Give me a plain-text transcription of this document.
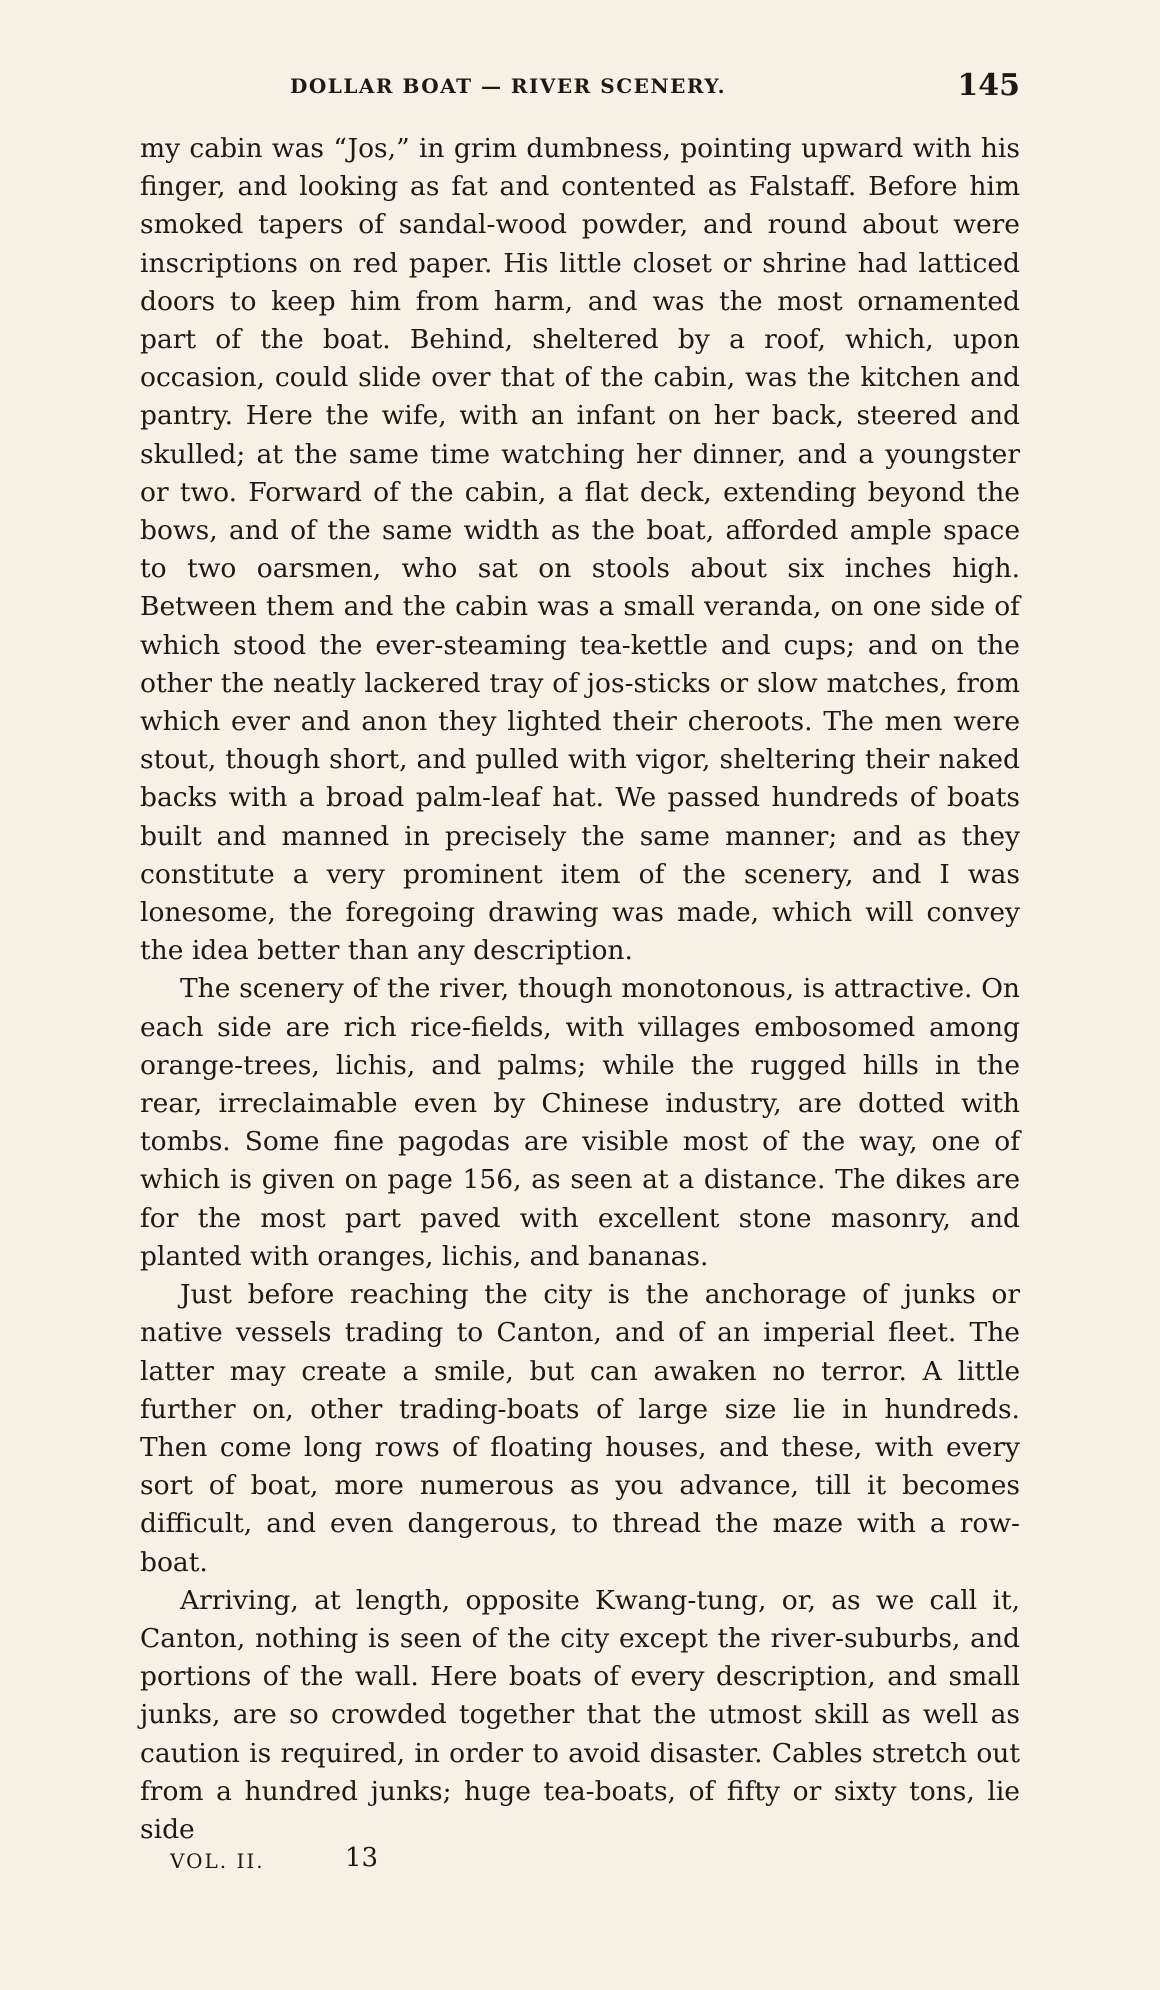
DOLLAR BOAT — RIVER SCENERY.	145

my cabin was “Jos,” in grim dumbness, pointing upward with his finger, and looking as fat and contented as Falstaff. Before him smoked tapers of sandal-wood powder, and round about were inscriptions on red paper. His little closet or shrine had latticed doors to keep him from harm, and was the most ornamented part of the boat. Behind, sheltered by a roof, which, upon occasion, could slide over that of the cabin, was the kitchen and pantry. Here the wife, with an infant on her back, steered and skulled; at the same time watching her dinner, and a youngster or two. Forward of the cabin, a flat deck, extending beyond the bows, and of the same width as the boat, afforded ample space to two oarsmen, who sat on stools about six inches high. Between them and the cabin was a small veranda, on one side of which stood the ever-steaming tea-kettle and cups; and on the other the neatly lackered tray of jos-sticks or slow matches, from which ever and anon they lighted their cheroots. The men were stout, though short, and pulled with vigor, sheltering their naked backs with a broad palm-leaf hat. We passed hundreds of boats built and manned in precisely the same manner; and as they constitute a very prominent item of the scenery, and I was lonesome, the foregoing drawing was made, which will convey the idea better than any description.

The scenery of the river, though monotonous, is attractive. On each side are rich rice-fields, with villages embosomed among orange-trees, lichis, and palms; while the rugged hills in the rear, irreclaimable even by Chinese industry, are dotted with tombs. Some fine pagodas are visible most of the way, one of which is given on page 156, as seen at a distance. The dikes are for the most part paved with excellent stone masonry, and planted with oranges, lichis, and bananas.

Just before reaching the city is the anchorage of junks or native vessels trading to Canton, and of an imperial fleet. The latter may create a smile, but can awaken no terror. A little further on, other trading-boats of large size lie in hundreds. Then come long rows of floating houses, and these, with every sort of boat, more numerous as you advance, till it becomes difficult, and even dangerous, to thread the maze with a row-boat.

Arriving, at length, opposite Kwang-tung, or, as we call it, Canton, nothing is seen of the city except the river-suburbs, and portions of the wall. Here boats of every description, and small junks, are so crowded together that the utmost skill as well as caution is required, in order to avoid disaster. Cables stretch out from a hundred junks; huge tea-boats, of fifty or sixty tons, lie side

VOL. II.	13
